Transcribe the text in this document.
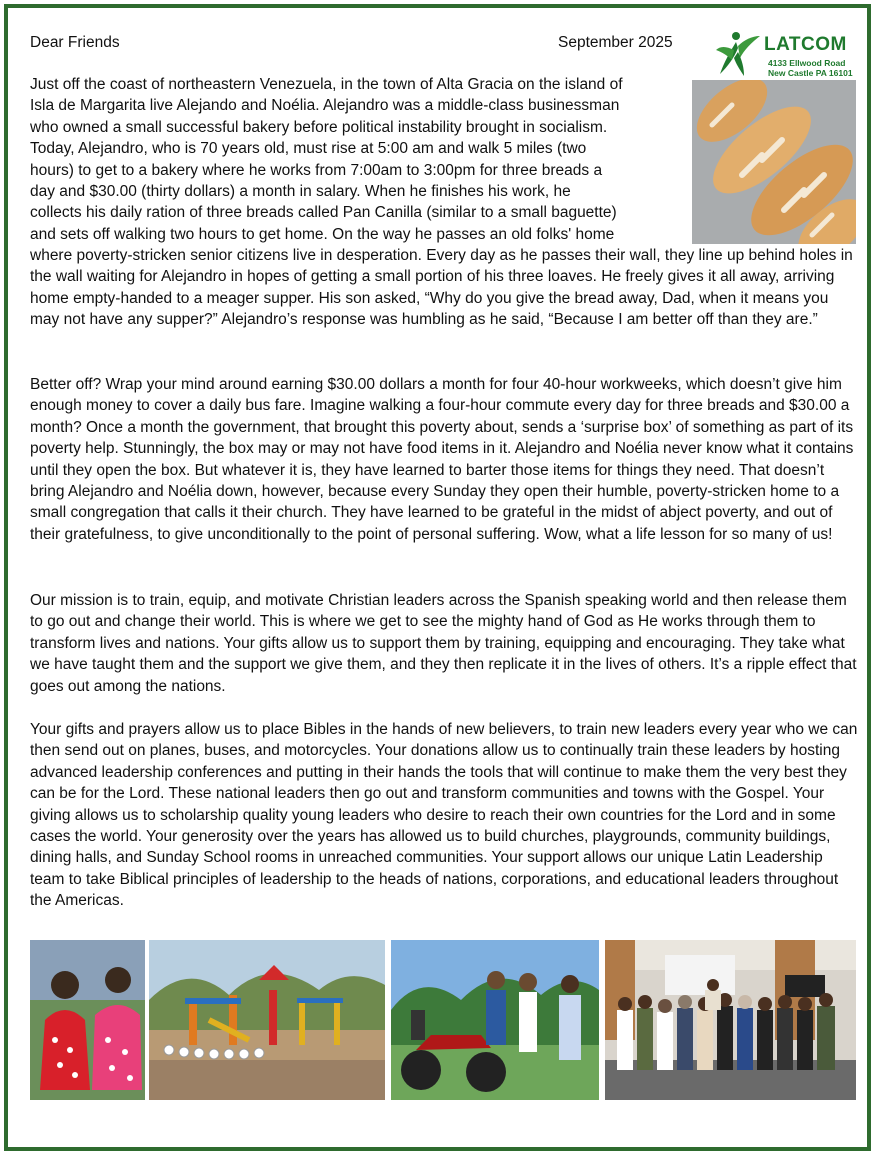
Dear Friends	September 2025	LATCOM
4133 Ellwood Road
New Castle PA 16101
Just off the coast of northeastern Venezuela, in the town of Alta Gracia on the island of
Isla de Margarita live Alejando and Noélia. Alejandro was a middle-class businessman
who owned a small successful bakery before political instability brought in socialism.
Today, Alejandro, who is 70 years old, must rise at 5:00 am and walk 5 miles (two
hours) to get to a bakery where he works from 7:00am to 3:00pm for three breads a
day and $30.00 (thirty dollars) a month in salary. When he finishes his work, he
collects his daily ration of three breads called Pan Canilla (similar to a small baguette)
and sets off walking two hours to get home. On the way he passes an old folks' home
where poverty-stricken senior citizens live in desperation. Every day as he passes their wall, they line up behind holes in the wall waiting for Alejandro in hopes of getting a small portion of his three loaves. He freely gives it all away, arriving home empty-handed to a meager supper. His son asked, “Why do you give the bread away, Dad, when it means you may not have any supper?” Alejandro’s response was humbling as he said, “Because I am better off than they are.”
Better off? Wrap your mind around earning $30.00 dollars a month for four 40-hour workweeks, which doesn’t give him enough money to cover a daily bus fare. Imagine walking a four-hour commute every day for three breads and $30.00 a month? Once a month the government, that brought this poverty about, sends a ‘surprise box’ of something as part of its poverty help. Stunningly, the box may or may not have food items in it. Alejandro and Noélia never know what it contains until they open the box. But whatever it is, they have learned to barter those items for things they need. That doesn’t bring Alejandro and Noélia down, however, because every Sunday they open their humble, poverty-stricken home to a small congregation that calls it their church. They have learned to be grateful in the midst of abject poverty, and out of their gratefulness, to give unconditionally to the point of personal suffering. Wow, what a life lesson for so many of us!
Our mission is to train, equip, and motivate Christian leaders across the Spanish speaking world and then release them to go out and change their world. This is where we get to see the mighty hand of God as He works through them to transform lives and nations. Your gifts allow us to support them by training, equipping and encouraging. They take what we have taught them and the support we give them, and they then replicate it in the lives of others. It’s a ripple effect that goes out among the nations.
Your gifts and prayers allow us to place Bibles in the hands of new believers, to train new leaders every year who we can then send out on planes, buses, and motorcycles. Your donations allow us to continually train these leaders by hosting advanced leadership conferences and putting in their hands the tools that will continue to make them the very best they can be for the Lord. These national leaders then go out and transform communities and towns with the Gospel. Your giving allows us to scholarship quality young leaders who desire to reach their own countries for the Lord and in some cases the world. Your generosity over the years has allowed us to build churches, playgrounds, community buildings, dining halls, and Sunday School rooms in unreached communities. Your support allows our unique Latin Leadership team to take Biblical principles of leadership to the heads of nations, corporations, and educational leaders throughout the Americas.
